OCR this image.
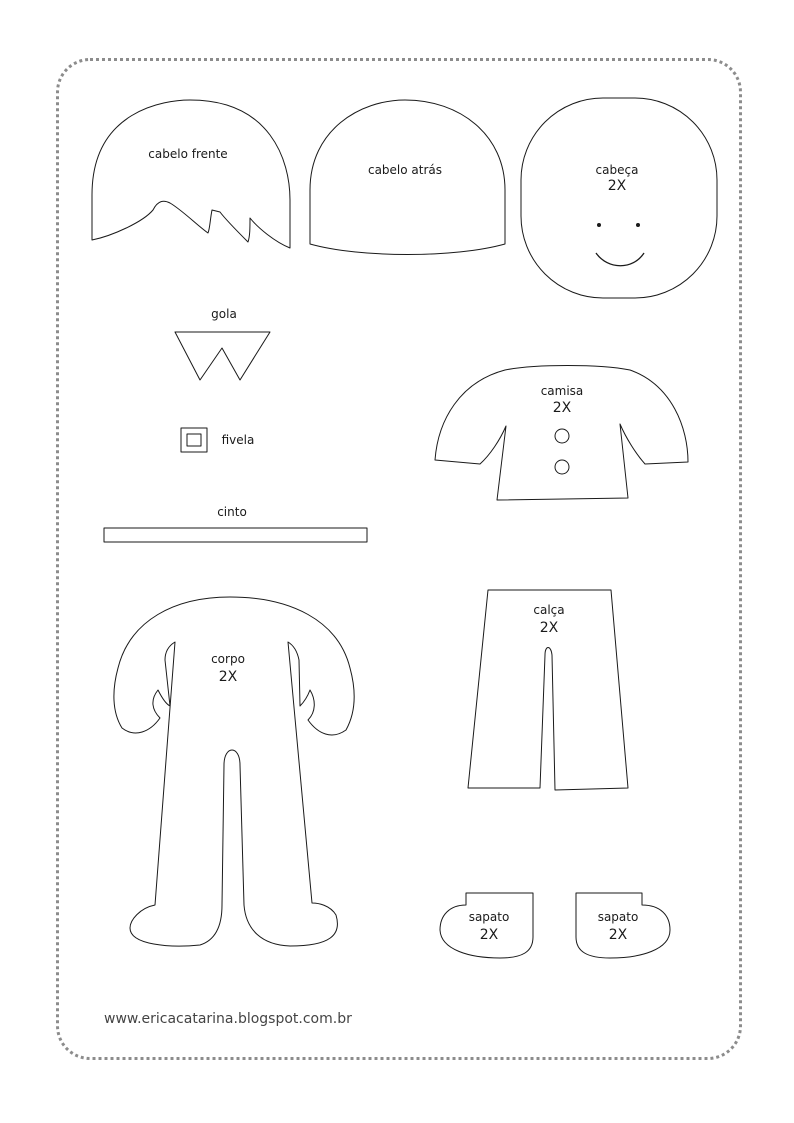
cabelo frente
cabelo atrás	cabeça
2X
gola
fivela
cinto
camisa
2X
corpo
2X
calça
2X
sapato
2X
sapato
2X
www.ericacatarina.blogspot.com.br
